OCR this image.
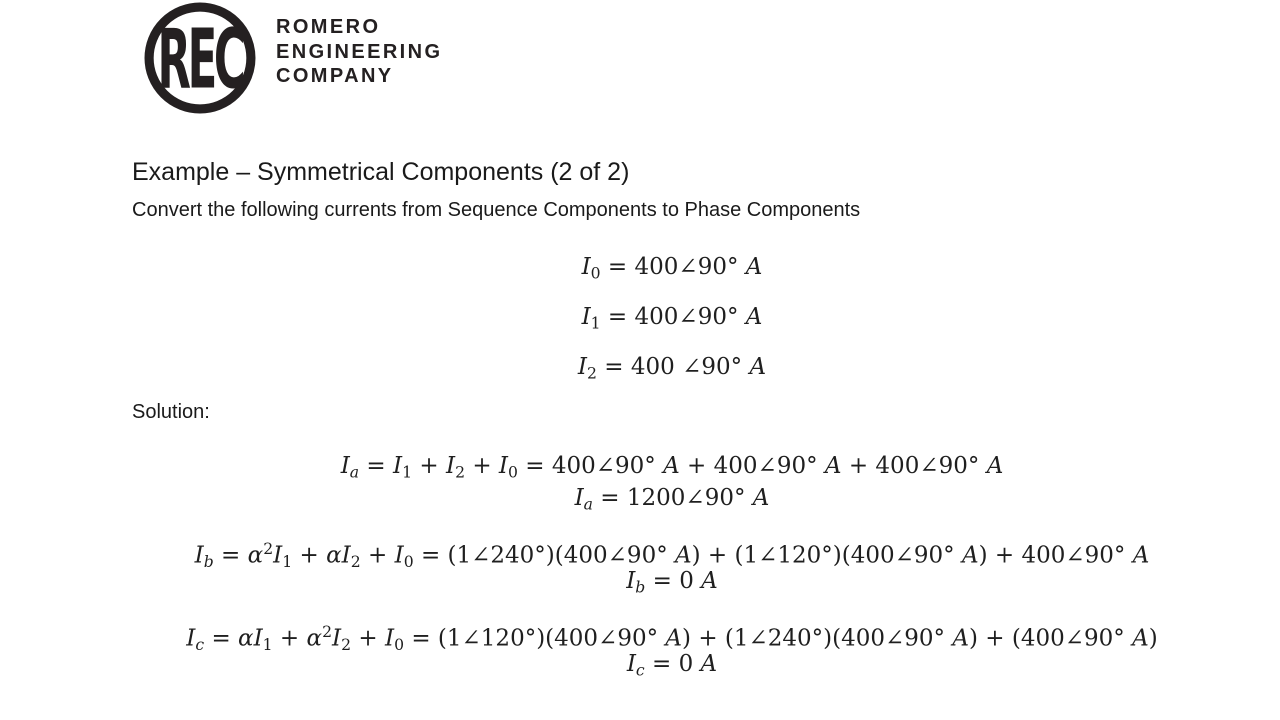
REC ROMERO
ENGINEERING
COMPANY
Example – Symmetrical Components (2 of 2)
Convert the following currents from Sequence Components to Phase Components
I0 = 400∠90° A
I1 = 400∠90° A
I2 = 400 ∠90° A
Solution:
Ia = I1 + I2 + I0 = 400∠90° A + 400∠90° A + 400∠90° A
Ia = 1200∠90° A
$Ib = \alpha^2I1 + \alpha I2 + I0$ = (1∠240°)(400∠90° A) + (1∠120°)(400∠90° A) + 400∠90° A
Ib = 0 A
$Ic = \alpha I1 + \alpha^2I2 + I0$ = (1∠120°)(400∠90° A) + (1∠240°)(400∠90° A) + (400∠90° A)
Ic = 0 A
